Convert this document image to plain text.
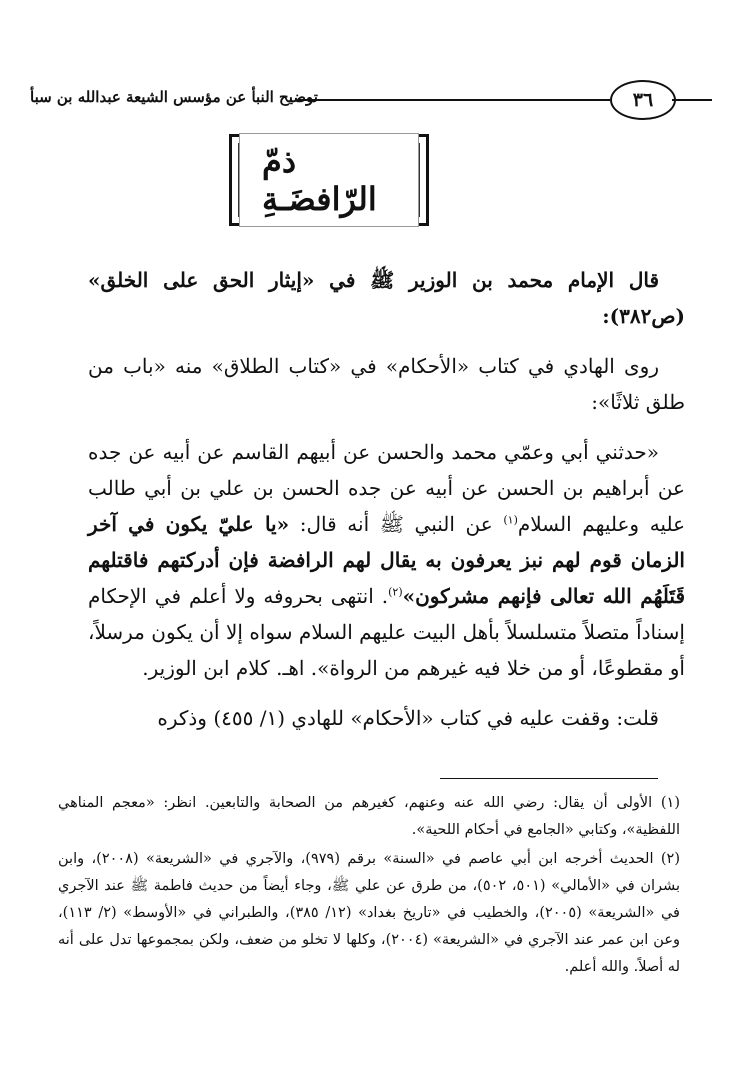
توضيح النبأ عن مؤسس الشيعة عبدالله بن سبأ	٣٦
ذمّ الرّافضَـةِ

قال الإمام محمد بن الوزير ﷺ في «إيثار الحق على الخلق» (ص٣٨٢):

روى الهادي في كتاب «الأحكام» في «كتاب الطلاق» منه «باب من طلق ثلاثًا»:

«حدثني أبي وعمّي محمد والحسن عن أبيهم القاسم عن أبيه عن جده عن أبراهيم بن الحسن عن أبيه عن جده الحسن بن علي بن أبي طالب عليه وعليهم السلام$^{(١)}$ عن النبي ﷺ أنه قال: «يا عليّ يكون في آخر الزمان قوم لهم نبز يعرفون به يقال لهم الرافضة فإن أدركتهم فاقتلهم قَتَلَهُم الله تعالى فإنهم مشركون»$^{(٢)}$. انتهى بحروفه ولا أعلم في الإحكام إسناداً متصلاً متسلسلاً بأهل البيت عليهم السلام سواه إلا أن يكون مرسلاً، أو مقطوعًا، أو من خلا فيه غيرهم من الرواة». اهـ. كلام ابن الوزير.

قلت: وقفت عليه في كتاب «الأحكام» للهادي (١/ ٤٥٥) وذكره

(١) الأولى أن يقال: رضي الله عنه وعنهم، كغيرهم من الصحابة والتابعين. انظر: «معجم المناهي اللفظية»، وكتابي «الجامع في أحكام اللحية».
(٢) الحديث أخرجه ابن أبي عاصم في «السنة» برقم (٩٧٩)، والآجري في «الشريعة» (٢٠٠٨)، وابن بشران في «الأمالي» (٥٠١، ٥٠٢)، من طرق عن علي ﷺ، وجاء أيضاً من حديث فاطمة ﷺ عند الآجري في «الشريعة» (٢٠٠٥)، والخطيب في «تاريخ بغداد» (١٢/ ٣٨٥)، والطبراني في «الأوسط» (٢/ ١١٣)، وعن ابن عمر عند الآجري في «الشريعة» (٢٠٠٤)، وكلها لا تخلو من ضعف، ولكن بمجموعها تدل على أنه له أصلاً. والله أعلم.
